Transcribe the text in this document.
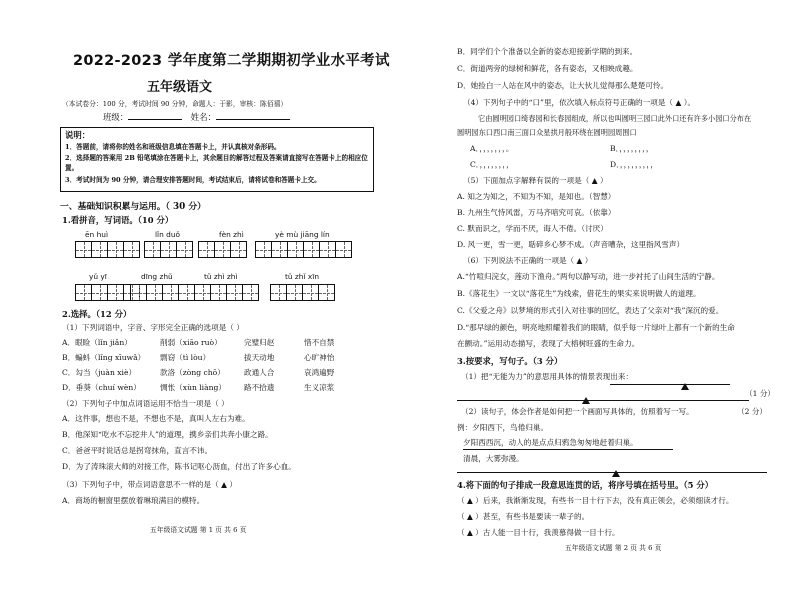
2022-2023 学年度第二学期期初学业水平考试
五年级语文
（本试卷分：100 分，考试时间 90 分钟，命题人：于影，审核：陈佰禧）
班级：	姓名：
说明：
1．答题前，请将你的姓名和班级信息填在答题卡上，并认真核对条形码。
2．选择题的答案用 2B 铅笔填涂在答题卡上，其余题目的解答过程及答案请直接写在答题卡上的相应位置。
3．考试时间为 90 分钟，请合理安排答题时间，考试结束后，请将试卷和答题卡上交。
一、基础知识积累与运用。（ 30 分）
1.看拼音，写词语。（10 分）
ēn huì	lǐn duǒ	fèn zhì	yè mù jiāng lín
yǔ yī	dīng zhǔ	tǔ zhì zhì	tǔ zhǐ xīn
2.选择。（12 分）
（1）下列词语中，字音、字形完全正确的选项是（ ）
A．眼睑（lǐn jiǎn）	削弱（xiāo ruò）	完璧归赵	惜不自禁
B．蝙蚪（lǐng xīuwǎ） 剽窃（tì lòu）	拔天动地	心旷神怡
C．勾当（juàn xiè）	款洛（zòng chō）	政通人合	哀鸿遍野
D．垂葵（chuí wèn）	惆怅（xùn liàng） 路不拾遗	生义凉浆
（2）下列句子中加点词语运用不恰当一项是（ ）
A．这件事，想也不是，不想也不是，真叫人左右为难。
B．他深知“吃水不忘挖井人”的道理，携乡亲们共奔小康之路。
C．爸爸平时说话总是拐弯抹角，直言不讳。
D．为了涛珠滚大师的对接工作，陈书记呕心沥血，付出了许多心血。
（3）下列句子中，带点词语意思不一样的是（ ▲ ）
A．商场的橱窗里摆放着琳琅满目的模特。
五年级语文试题 第 1 页 共 6 页
B．同学们个个准备以全新的姿态迎接新学期的到来。
C．街道两旁的绿树和鲜花，各有姿态，又相映成趣。
D．她捡白一人站在风中的姿态，让大伙儿觉得那么楚楚可怜。
（4）下列句子中的“口”里，依次填入标点符号正确的一项是（ ▲ ）。
它由圆明园口绮春园和长春园组成，所以也叫圆明三园口此外口还有许多小园口分布在
圆明园东口西口南三面口众星拱月般环绕在圆明园周围口
A．，，，，，，，。	B．，，，，，，，，
C．，，，，，，，，	D．，，，，，，，，，
（5）下面加点字解释有误的一项是（ ▲ ）
A. 知之为知之，不知为不知，是知也。（智慧）
B. 九州生气恃风雷，万马齐喑究可哀。（依靠）
C. 默而识之，学而不厌，诲人不倦。（讨厌）
D. 风一更，雪一更，聒碎乡心梦不成。（声音嘈杂，这里指风雪声）
（6）下列说法不正确的一项是（ ▲ ）
A.“竹喧归浣女，莲动下渔舟。”两句以静写动，进一步衬托了山间生活的宁静。
B.《落花生》一文以“落花生”为线索，借花生的果实来说明做人的道理。
C.《父爱之舟》以梦境的形式引入对往事的回忆，表达了父亲对“我”深沉的爱。
D.“那早绿的颜色，明亮地照耀着我们的眼睛，似乎每一片绿叶上都有一个新的生命
在颤动。”运用动态描写，表现了大榕树旺盛的生命力。
3.按要求，写句子。（3 分）
（1）把“无能为力”的意思用具体的情景表现出来：
（1 分）
（2）读句子，体会作者是如何把一个画面写具体的，仿照着写一写。	（2 分）
例：夕阳西下，鸟倦归巢。
夕阳西西沉，动人的是点点归鸦急匆匆地赶着归巢。
清晨，大雾弥漫。
4.将下面的句子排成一段意思连贯的话，将序号填在括号里。（5 分）
（ ▲ ）后来，我渐渐发现，有些书一目十行下去，没有真正领会，必须细读才行。
（ ▲ ）甚至，有些书是要读一辈子的。
（ ▲ ）古人能一目十行，我羡慕得做一目十行。
五年级语文试题 第 2 页 共 6 页
